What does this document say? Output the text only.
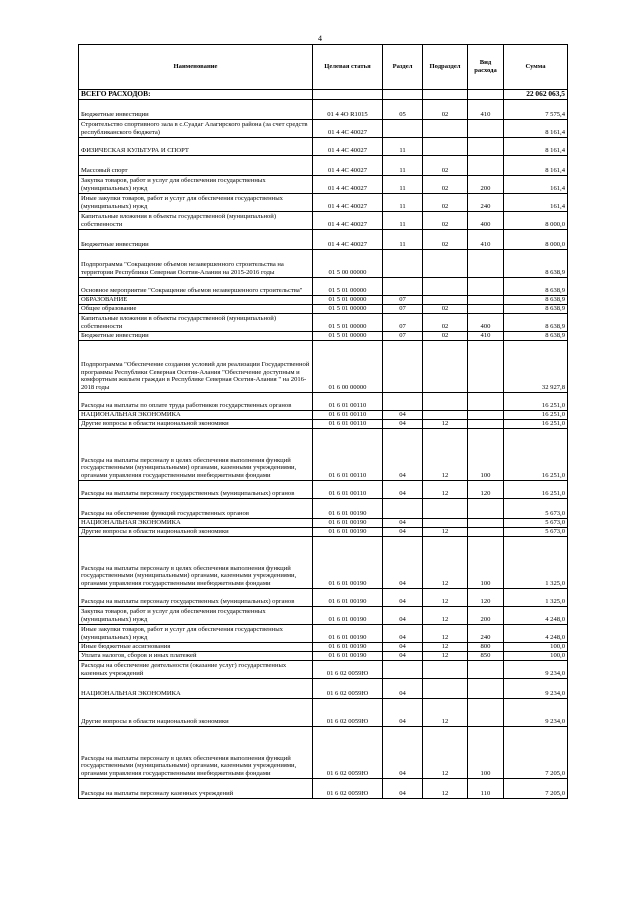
4
Наименование	Целевая статья	Раздел	Подраздел	Вид расхода	Сумма
ВСЕГО РАСХОДОВ:					22 062 063,5
Бюджетные инвестиции	01 4 4О R1015	05	02	410	7 575,4
Строительство спортивного зала в с.Суадаг Алагирского района (за счет средств республиканского бюджета)	01 4 4С 40027				8 161,4
ФИЗИЧЕСКАЯ КУЛЬТУРА И СПОРТ	01 4 4С 40027	11			8 161,4
Массовый спорт	01 4 4С 40027	11	02		8 161,4
Закупка товаров, работ и услуг для обеспечения государственных (муниципальных) нужд	01 4 4С 40027	11	02	200	161,4
Иные закупки товаров, работ и услуг для обеспечения государственных (муниципальных) нужд	01 4 4С 40027	11	02	240	161,4
Капитальные вложения в объекты государственной (муниципальной) собственности	01 4 4С 40027	11	02	400	8 000,0
Бюджетные инвестиции	01 4 4С 40027	11	02	410	8 000,0
Подпрограмма "Сокращение объемов незавершенного строительства на территории Республики Северная Осетия-Алания на 2015-2016 годы	01 5 00 00000				8 638,9
Основное мероприятие "Сокращение объемов незавершенного строительства"	01 5 01 00000				8 638,9
ОБРАЗОВАНИЕ	01 5 01 00000	07			8 638,9
Общее образование	01 5 01 00000	07	02		8 638,9
Капитальные вложения в объекты государственной (муниципальной) собственности	01 5 01 00000	07	02	400	8 638,9
Бюджетные инвестиции	01 5 01 00000	07	02	410	8 638,9
Подпрограмма "Обеспечение создания условий для реализации Государственной программы Республики Северная Осетия-Алания "Обеспечение доступным и комфортным жильем граждан в Республике Северная Осетия-Алания " на 2016-2018 годы	01 6 00 00000				32 927,8
Расходы на выплаты по оплате труда работников государственных органов	01 6 01 00110				16 251,0
НАЦИОНАЛЬНАЯ ЭКОНОМИКА	01 6 01 00110	04			16 251,0
Другие вопросы в области национальной экономики	01 6 01 00110	04	12		16 251,0
Расходы на выплаты персоналу в целях обеспечения выполнения функций государственными (муниципальными) органами, казенными учреждениями, органами управления государственными внебюджетными фондами	01 6 01 00110	04	12	100	16 251,0
Расходы на выплаты персоналу государственных (муниципальных) органов	01 6 01 00110	04	12	120	16 251,0
Расходы на обеспечение функций государственных органов	01 6 01 00190				5 673,0
НАЦИОНАЛЬНАЯ ЭКОНОМИКА	01 6 01 00190	04			5 673,0
Другие вопросы в области национальной экономики	01 6 01 00190	04	12		5 673,0
Расходы на выплаты персоналу в целях обеспечения выполнения функций государственными (муниципальными) органами, казенными учреждениями, органами управления государственными внебюджетными фондами	01 6 01 00190	04	12	100	1 325,0
Расходы на выплаты персоналу государственных (муниципальных) органов	01 6 01 00190	04	12	120	1 325,0
Закупка товаров, работ и услуг для обеспечения государственных (муниципальных) нужд	01 6 01 00190	04	12	200	4 248,0
Иные закупки товаров, работ и услуг для обеспечения государственных (муниципальных) нужд	01 6 01 00190	04	12	240	4 248,0
Иные бюджетные ассигнования	01 6 01 00190	04	12	800	100,0
Уплата налогов, сборов и иных платежей	01 6 01 00190	04	12	850	100,0
Расходы на обеспечение деятельности (оказание услуг) государственных казенных учреждений	01 6 02 0059Ю				9 234,0
НАЦИОНАЛЬНАЯ ЭКОНОМИКА	01 6 02 0059Ю	04			9 234,0
Другие вопросы в области национальной экономики	01 6 02 0059Ю	04	12		9 234,0
Расходы на выплаты персоналу в целях обеспечения выполнения функций государственными (муниципальными) органами, казенными учреждениями, органами управления государственными внебюджетными фондами	01 6 02 0059Ю	04	12	100	7 205,0
Расходы на выплаты персоналу казенных учреждений	01 6 02 0059Ю	04	12	110	7 205,0
